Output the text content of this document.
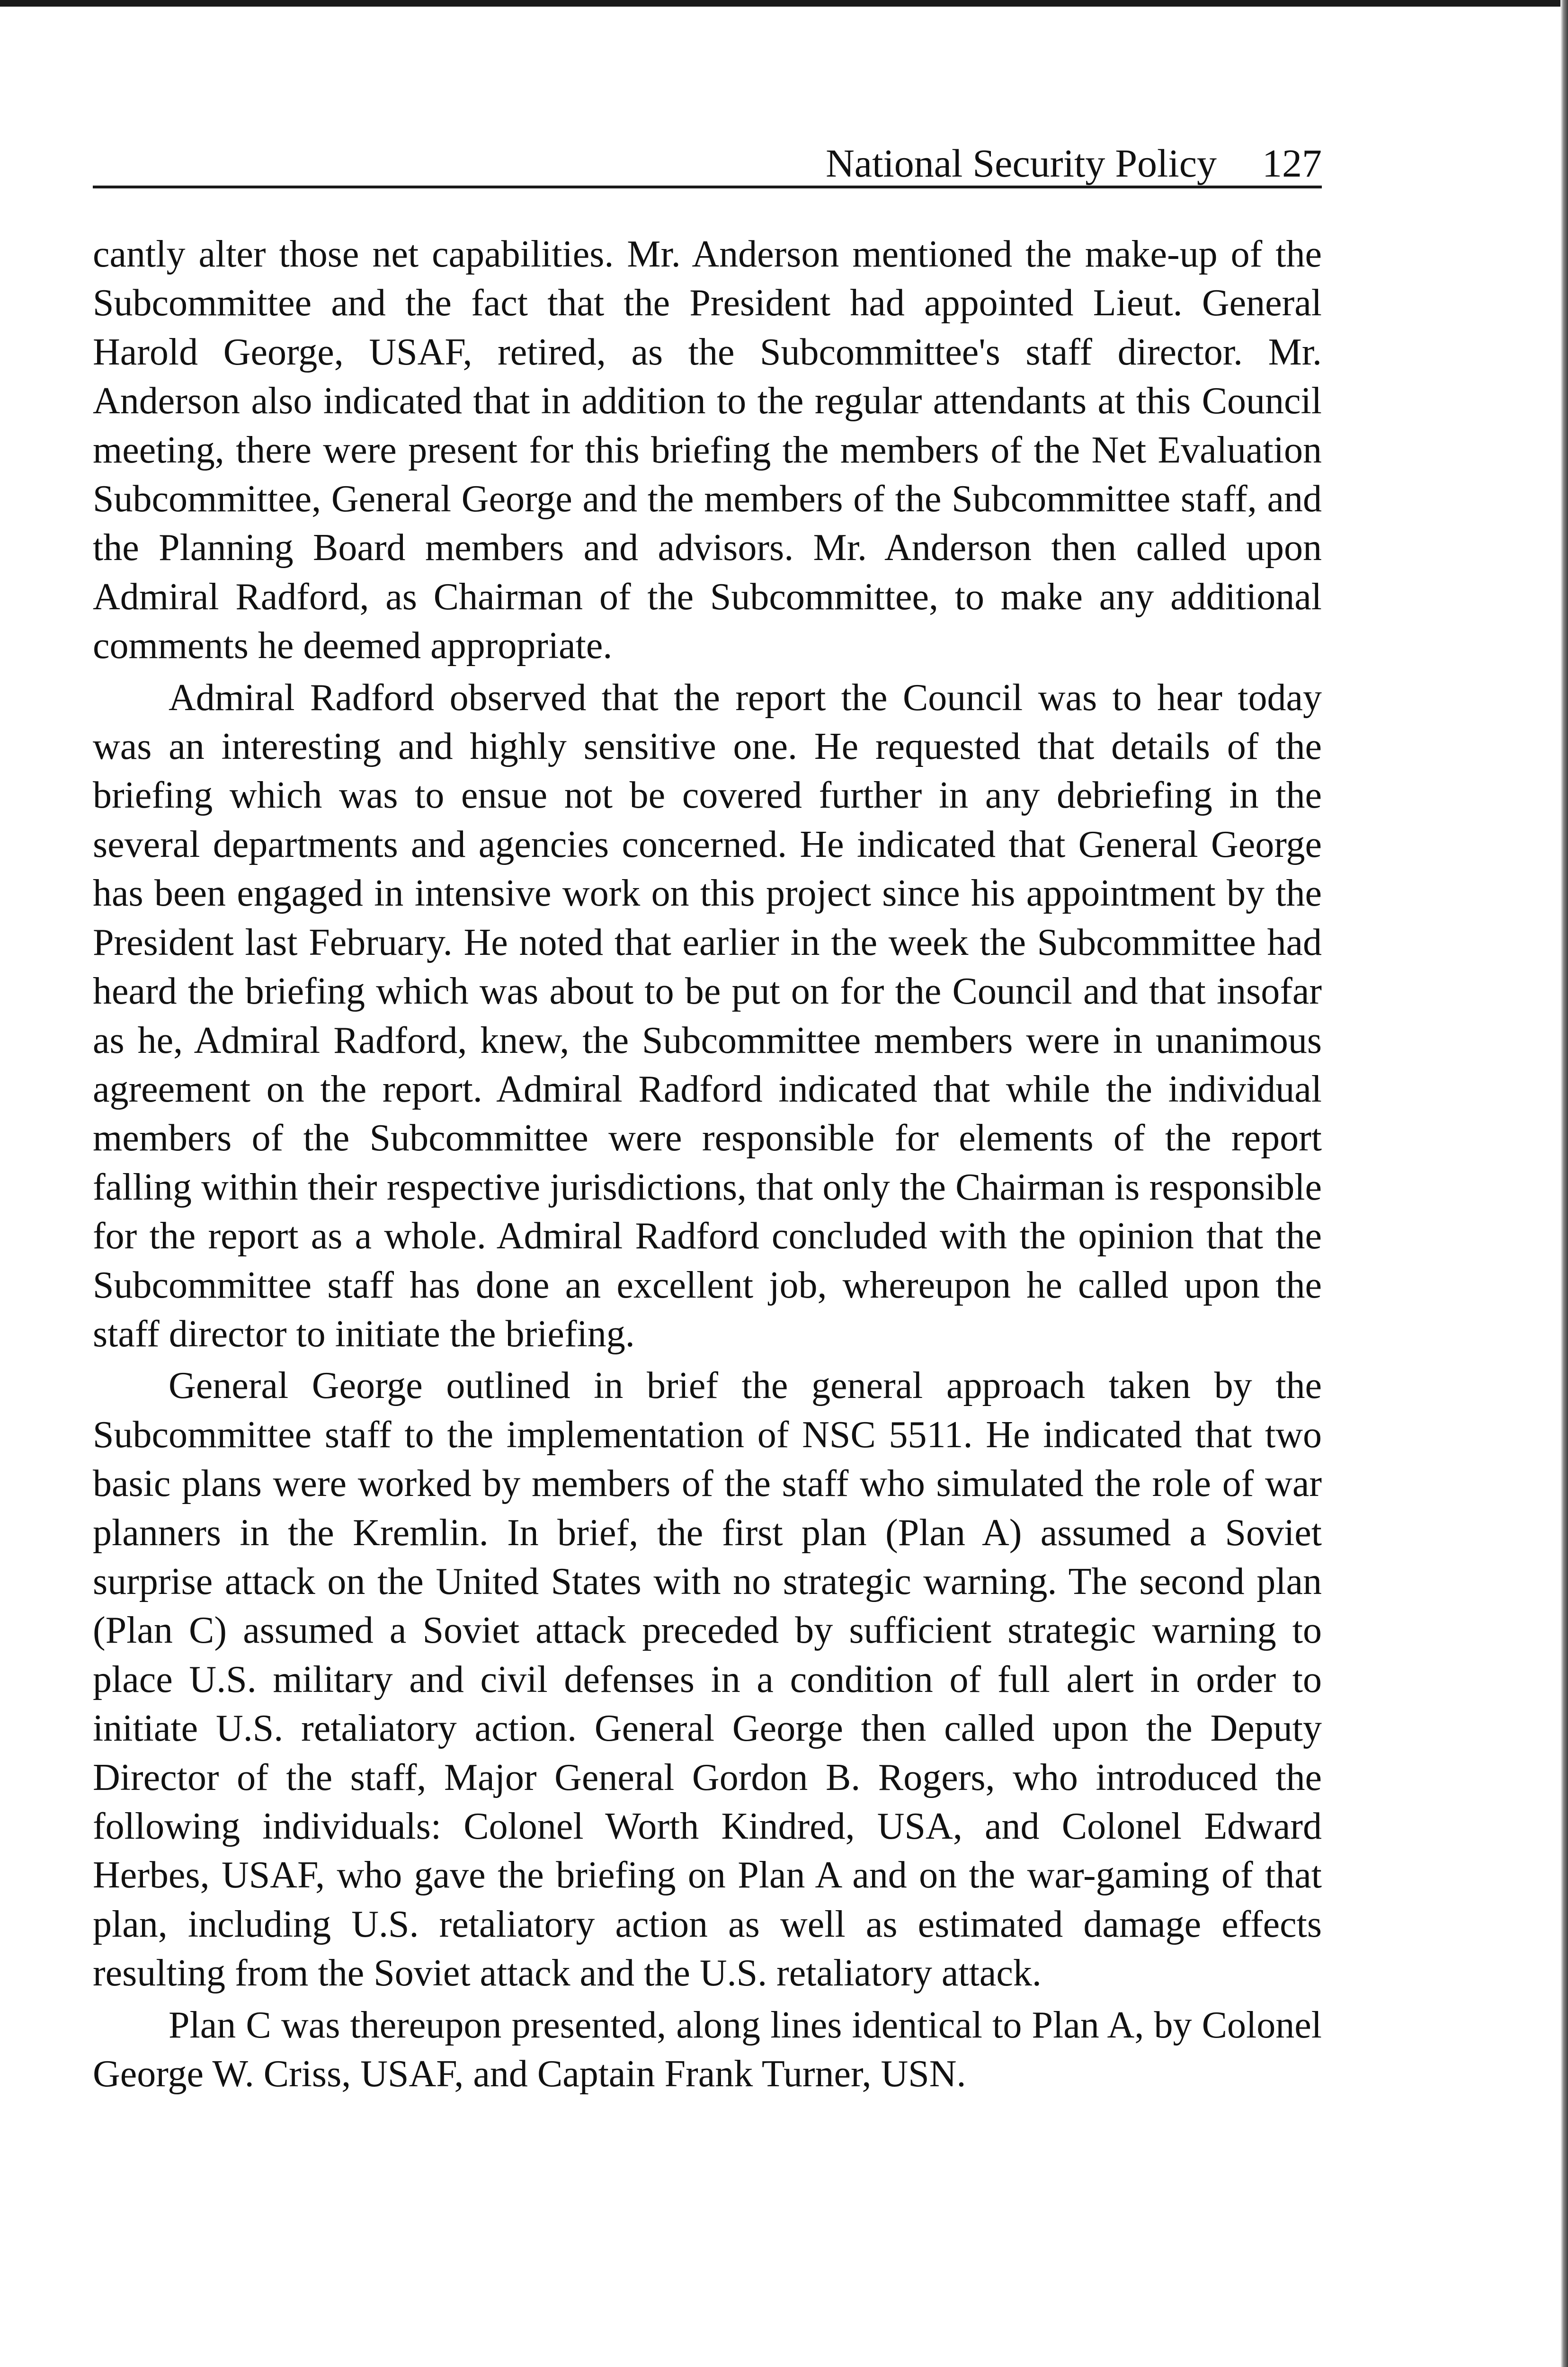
National Security Policy 127

cantly alter those net capabilities. Mr. Anderson mentioned the make-up of the Subcommittee and the fact that the President had appointed Lieut. General Harold George, USAF, retired, as the Subcommittee's staff director. Mr. Anderson also indicated that in addition to the regular attendants at this Council meeting, there were present for this briefing the members of the Net Evaluation Subcommittee, General George and the members of the Subcommittee staff, and the Planning Board members and advisors. Mr. Anderson then called upon Admiral Radford, as Chairman of the Subcommittee, to make any additional comments he deemed appropriate.

Admiral Radford observed that the report the Council was to hear today was an interesting and highly sensitive one. He requested that details of the briefing which was to ensue not be covered further in any debriefing in the several departments and agencies concerned. He indicated that General George has been engaged in intensive work on this project since his appointment by the President last February. He noted that earlier in the week the Subcommittee had heard the briefing which was about to be put on for the Council and that insofar as he, Admiral Radford, knew, the Subcommittee members were in unanimous agreement on the report. Admiral Radford indicated that while the individual members of the Subcommittee were responsible for elements of the report falling within their respective jurisdictions, that only the Chairman is responsible for the report as a whole. Admiral Radford concluded with the opinion that the Subcommittee staff has done an excellent job, whereupon he called upon the staff director to initiate the briefing.

General George outlined in brief the general approach taken by the Subcommittee staff to the implementation of NSC 5511. He indicated that two basic plans were worked by members of the staff who simulated the role of war planners in the Kremlin. In brief, the first plan (Plan A) assumed a Soviet surprise attack on the United States with no strategic warning. The second plan (Plan C) assumed a Soviet attack preceded by sufficient strategic warning to place U.S. military and civil defenses in a condition of full alert in order to initiate U.S. retaliatory action. General George then called upon the Deputy Director of the staff, Major General Gordon B. Rogers, who introduced the following individuals: Colonel Worth Kindred, USA, and Colonel Edward Herbes, USAF, who gave the briefing on Plan A and on the war-gaming of that plan, including U.S. retaliatory action as well as estimated damage effects resulting from the Soviet attack and the U.S. retaliatory attack.

Plan C was thereupon presented, along lines identical to Plan A, by Colonel George W. Criss, USAF, and Captain Frank Turner, USN.
